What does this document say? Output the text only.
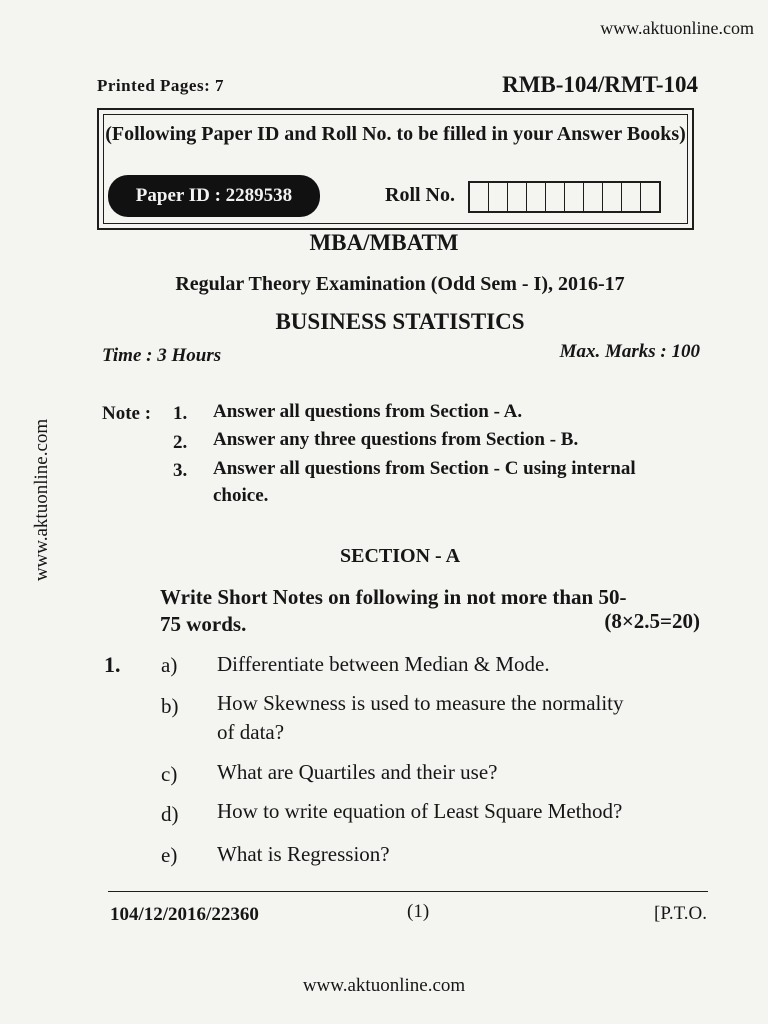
www.aktuonline.com
Printed Pages: 7	RMB-104/RMT-104
(Following Paper ID and Roll No. to be filled in your Answer Books)
Paper ID : 2289538	Roll No.
MBA/MBATM
Regular Theory Examination (Odd Sem - I), 2016-17
BUSINESS STATISTICS
Time : 3 Hours	Max. Marks : 100
Note : 1. Answer all questions from Section - A.
2. Answer any three questions from Section - B.
3. Answer all questions from Section - C using internal
choice.
www.aktuonline.com	SECTION - A
Write Short Notes on following in not more than 50-
75 words.	(8×2.5=20)
1. a) Differentiate between Median & Mode.
b) How Skewness is used to measure the normality
of data?
c) What are Quartiles and their use?
d) How to write equation of Least Square Method?
e) What is Regression?
104/12/2016/22360	(1)	[P.T.O.
www.aktuonline.com
